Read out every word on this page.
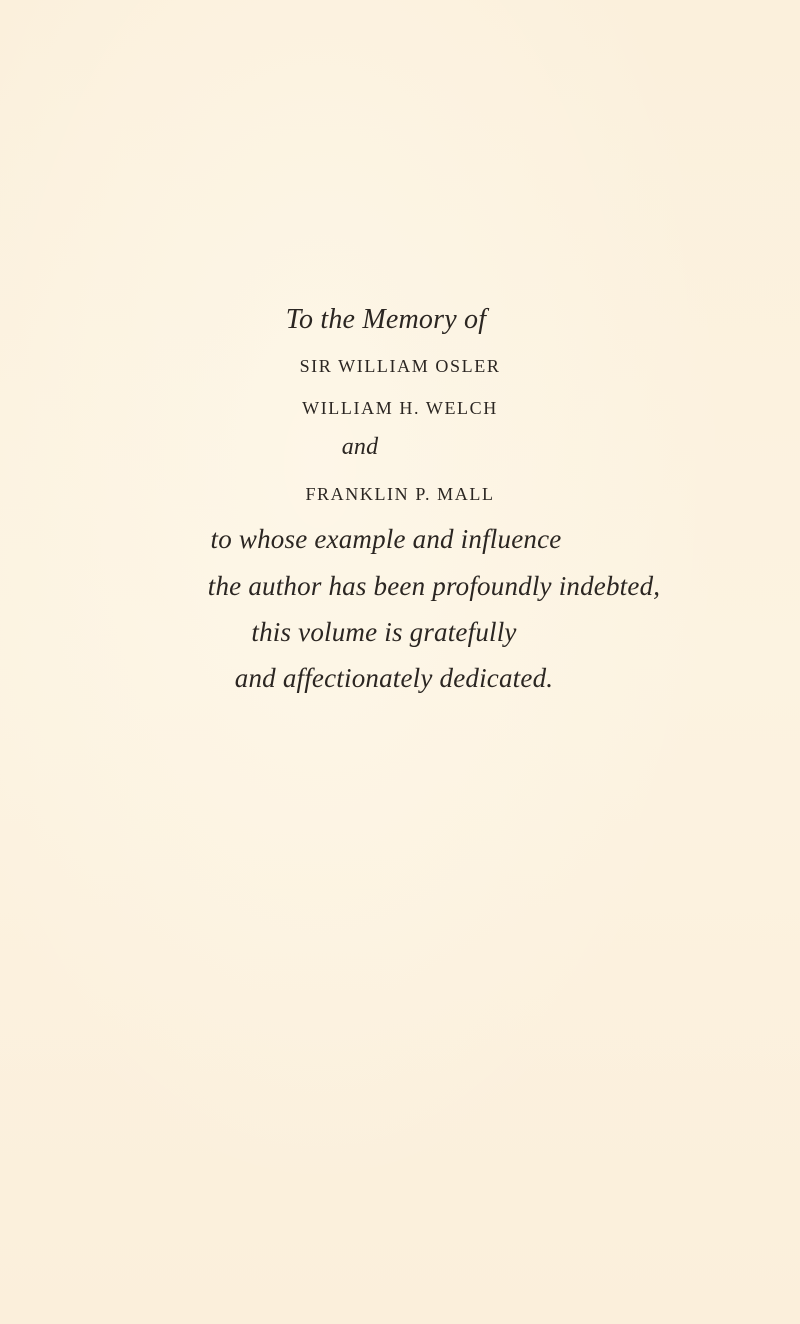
To the Memory of

SIR WILLIAM OSLER

WILLIAM H. WELCH

and

FRANKLIN P. MALL

to whose example and influence

the author has been profoundly indebted,

this volume is gratefully

and affectionately dedicated.
